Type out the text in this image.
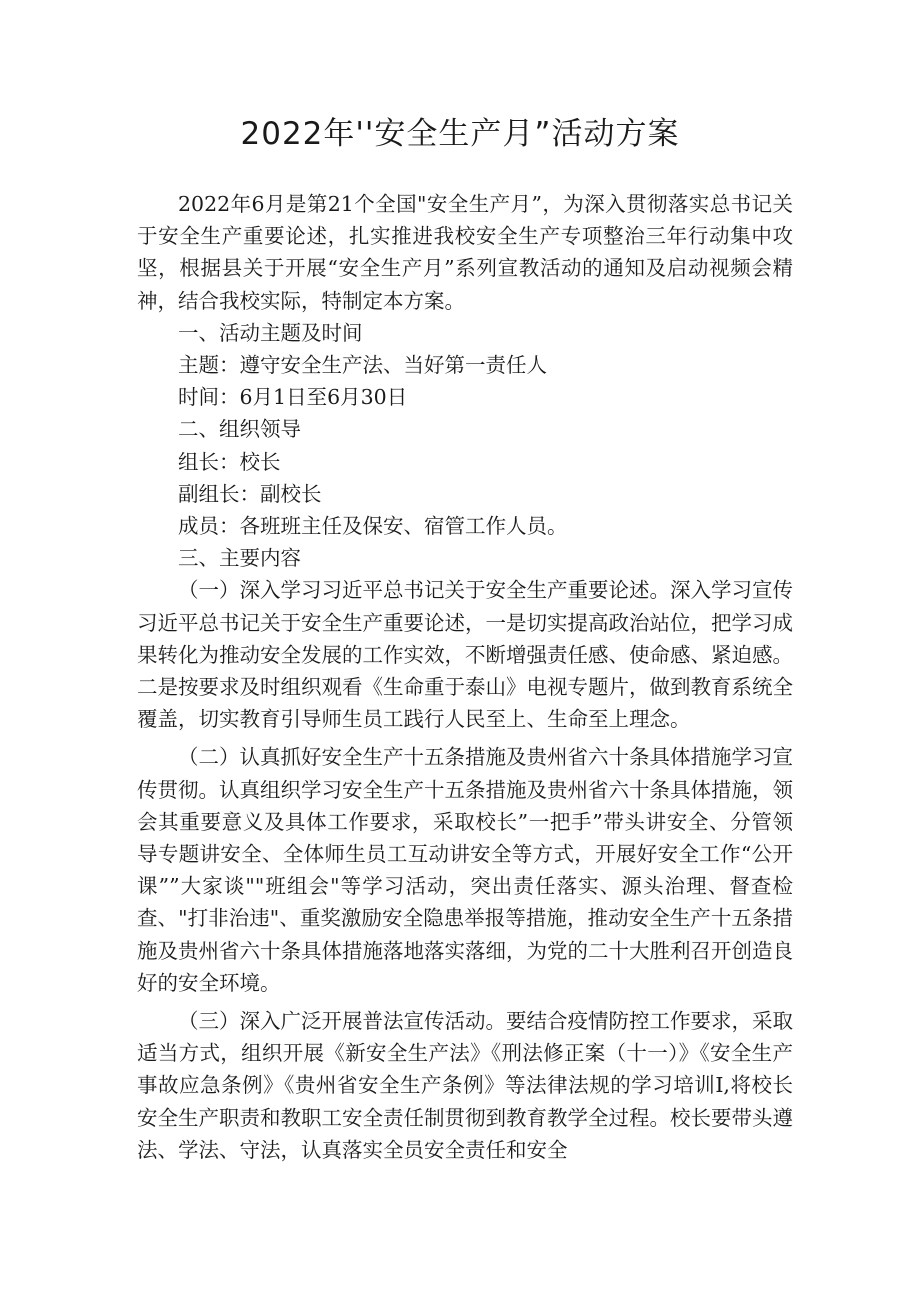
2022年''安全生产月”活动方案

2022年6月是第21个全国"安全生产月”，为深入贯彻落实总书记关于安全生产重要论述，扎实推进我校安全生产专项整治三年行动集中攻坚，根据县关于开展“安全生产月”系列宣教活动的通知及启动视频会精神，结合我校实际，特制定本方案。

一、活动主题及时间

主题：遵守安全生产法、当好第一责任人

时间：6月1日至6月30日

二、组织领导

组长：校长

副组长：副校长

成员：各班班主任及保安、宿管工作人员。

三、主要内容

（一）深入学习习近平总书记关于安全生产重要论述。深入学习宣传习近平总书记关于安全生产重要论述，一是切实提高政治站位，把学习成果转化为推动安全发展的工作实效，不断增强责任感、使命感、紧迫感。二是按要求及时组织观看《生命重于泰山》电视专题片，做到教育系统全覆盖，切实教育引导师生员工践行人民至上、生命至上理念。

（二）认真抓好安全生产十五条措施及贵州省六十条具体措施学习宣传贯彻。认真组织学习安全生产十五条措施及贵州省六十条具体措施，领会其重要意义及具体工作要求，采取校长”一把手”带头讲安全、分管领导专题讲安全、全体师生员工互动讲安全等方式，开展好安全工作“公开课””大家谈""班组会"等学习活动，突出责任落实、源头治理、督查检查、"打非治违"、重奖激励安全隐患举报等措施，推动安全生产十五条措施及贵州省六十条具体措施落地落实落细，为党的二十大胜利召开创造良好的安全环境。

（三）深入广泛开展普法宣传活动。要结合疫情防控工作要求，采取适当方式，组织开展《新安全生产法》《刑法修正案（十一）》《安全生产事故应急条例》《贵州省安全生产条例》等法律法规的学习培训I,将校长安全生产职责和教职工安全责任制贯彻到教育教学全过程。校长要带头遵法、学法、守法，认真落实全员安全责任和安全
